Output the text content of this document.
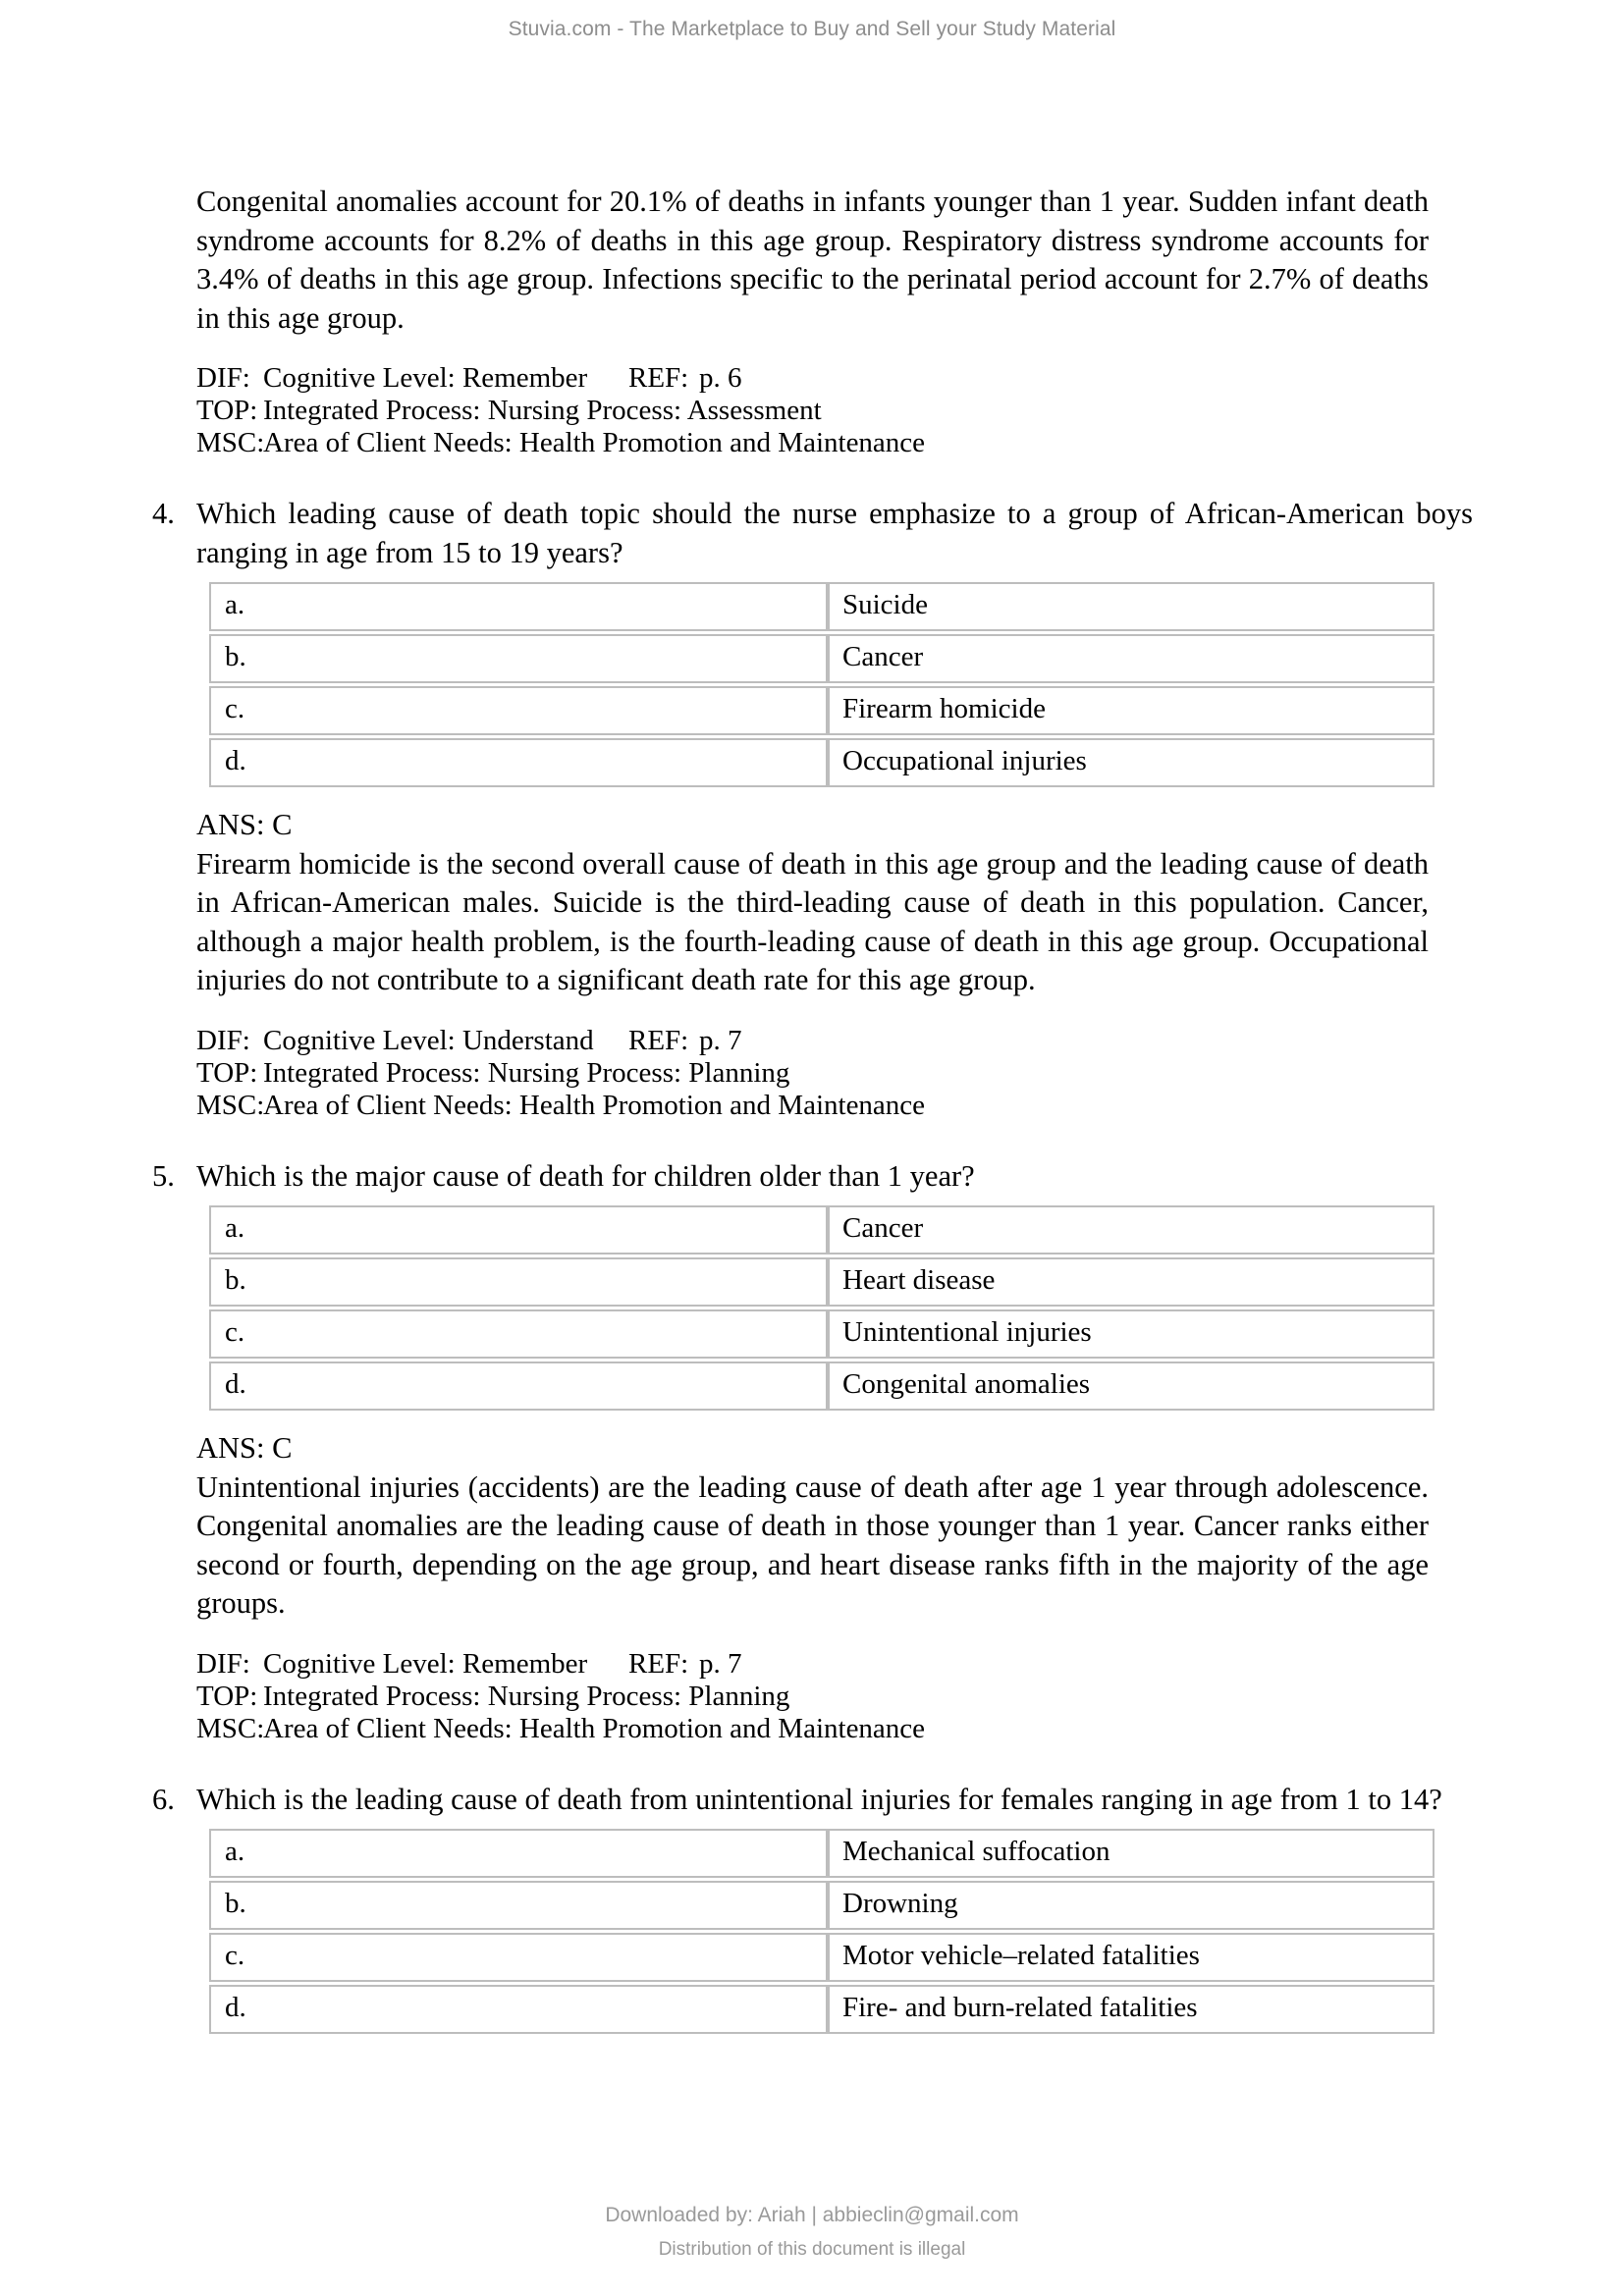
Stuvia.com - The Marketplace to Buy and Sell your Study Material

Congenital anomalies account for 20.1% of deaths in infants younger than 1 year. Sudden infant death syndrome accounts for 8.2% of deaths in this age group. Respiratory distress syndrome accounts for 3.4% of deaths in this age group. Infections specific to the perinatal period account for 2.7% of deaths in this age group.

DIF: Cognitive Level: Remember REF: p. 6
TOP: Integrated Process: Nursing Process: Assessment
MSC:Area of Client Needs: Health Promotion and Maintenance
4. Which leading cause of death topic should the nurse emphasize to a group of African-American boys ranging in age from 15 to 19 years?

a.	Suicide
b.	Cancer
c.	Firearm homicide
d.	Occupational injuries

ANS: C

Firearm homicide is the second overall cause of death in this age group and the leading cause of death in African-American males. Suicide is the third-leading cause of death in this population. Cancer, although a major health problem, is the fourth-leading cause of death in this age group. Occupational injuries do not contribute to a significant death rate for this age group.

DIF: Cognitive Level: Understand REF: p. 7
TOP: Integrated Process: Nursing Process: Planning
MSC:Area of Client Needs: Health Promotion and Maintenance
5. Which is the major cause of death for children older than 1 year?

a.	Cancer
b.	Heart disease
c.	Unintentional injuries
d.	Congenital anomalies

ANS: C

Unintentional injuries (accidents) are the leading cause of death after age 1 year through adolescence. Congenital anomalies are the leading cause of death in those younger than 1 year. Cancer ranks either second or fourth, depending on the age group, and heart disease ranks fifth in the majority of the age groups.

DIF: Cognitive Level: Remember REF: p. 7
TOP: Integrated Process: Nursing Process: Planning
MSC:Area of Client Needs: Health Promotion and Maintenance
6. Which is the leading cause of death from unintentional injuries for females ranging in age from 1 to 14?

a.	Mechanical suffocation
b.	Drowning
c.	Motor vehicle–related fatalities
d.	Fire- and burn-related fatalities
Downloaded by: Ariah | abbieclin@gmail.com
Distribution of this document is illegal
